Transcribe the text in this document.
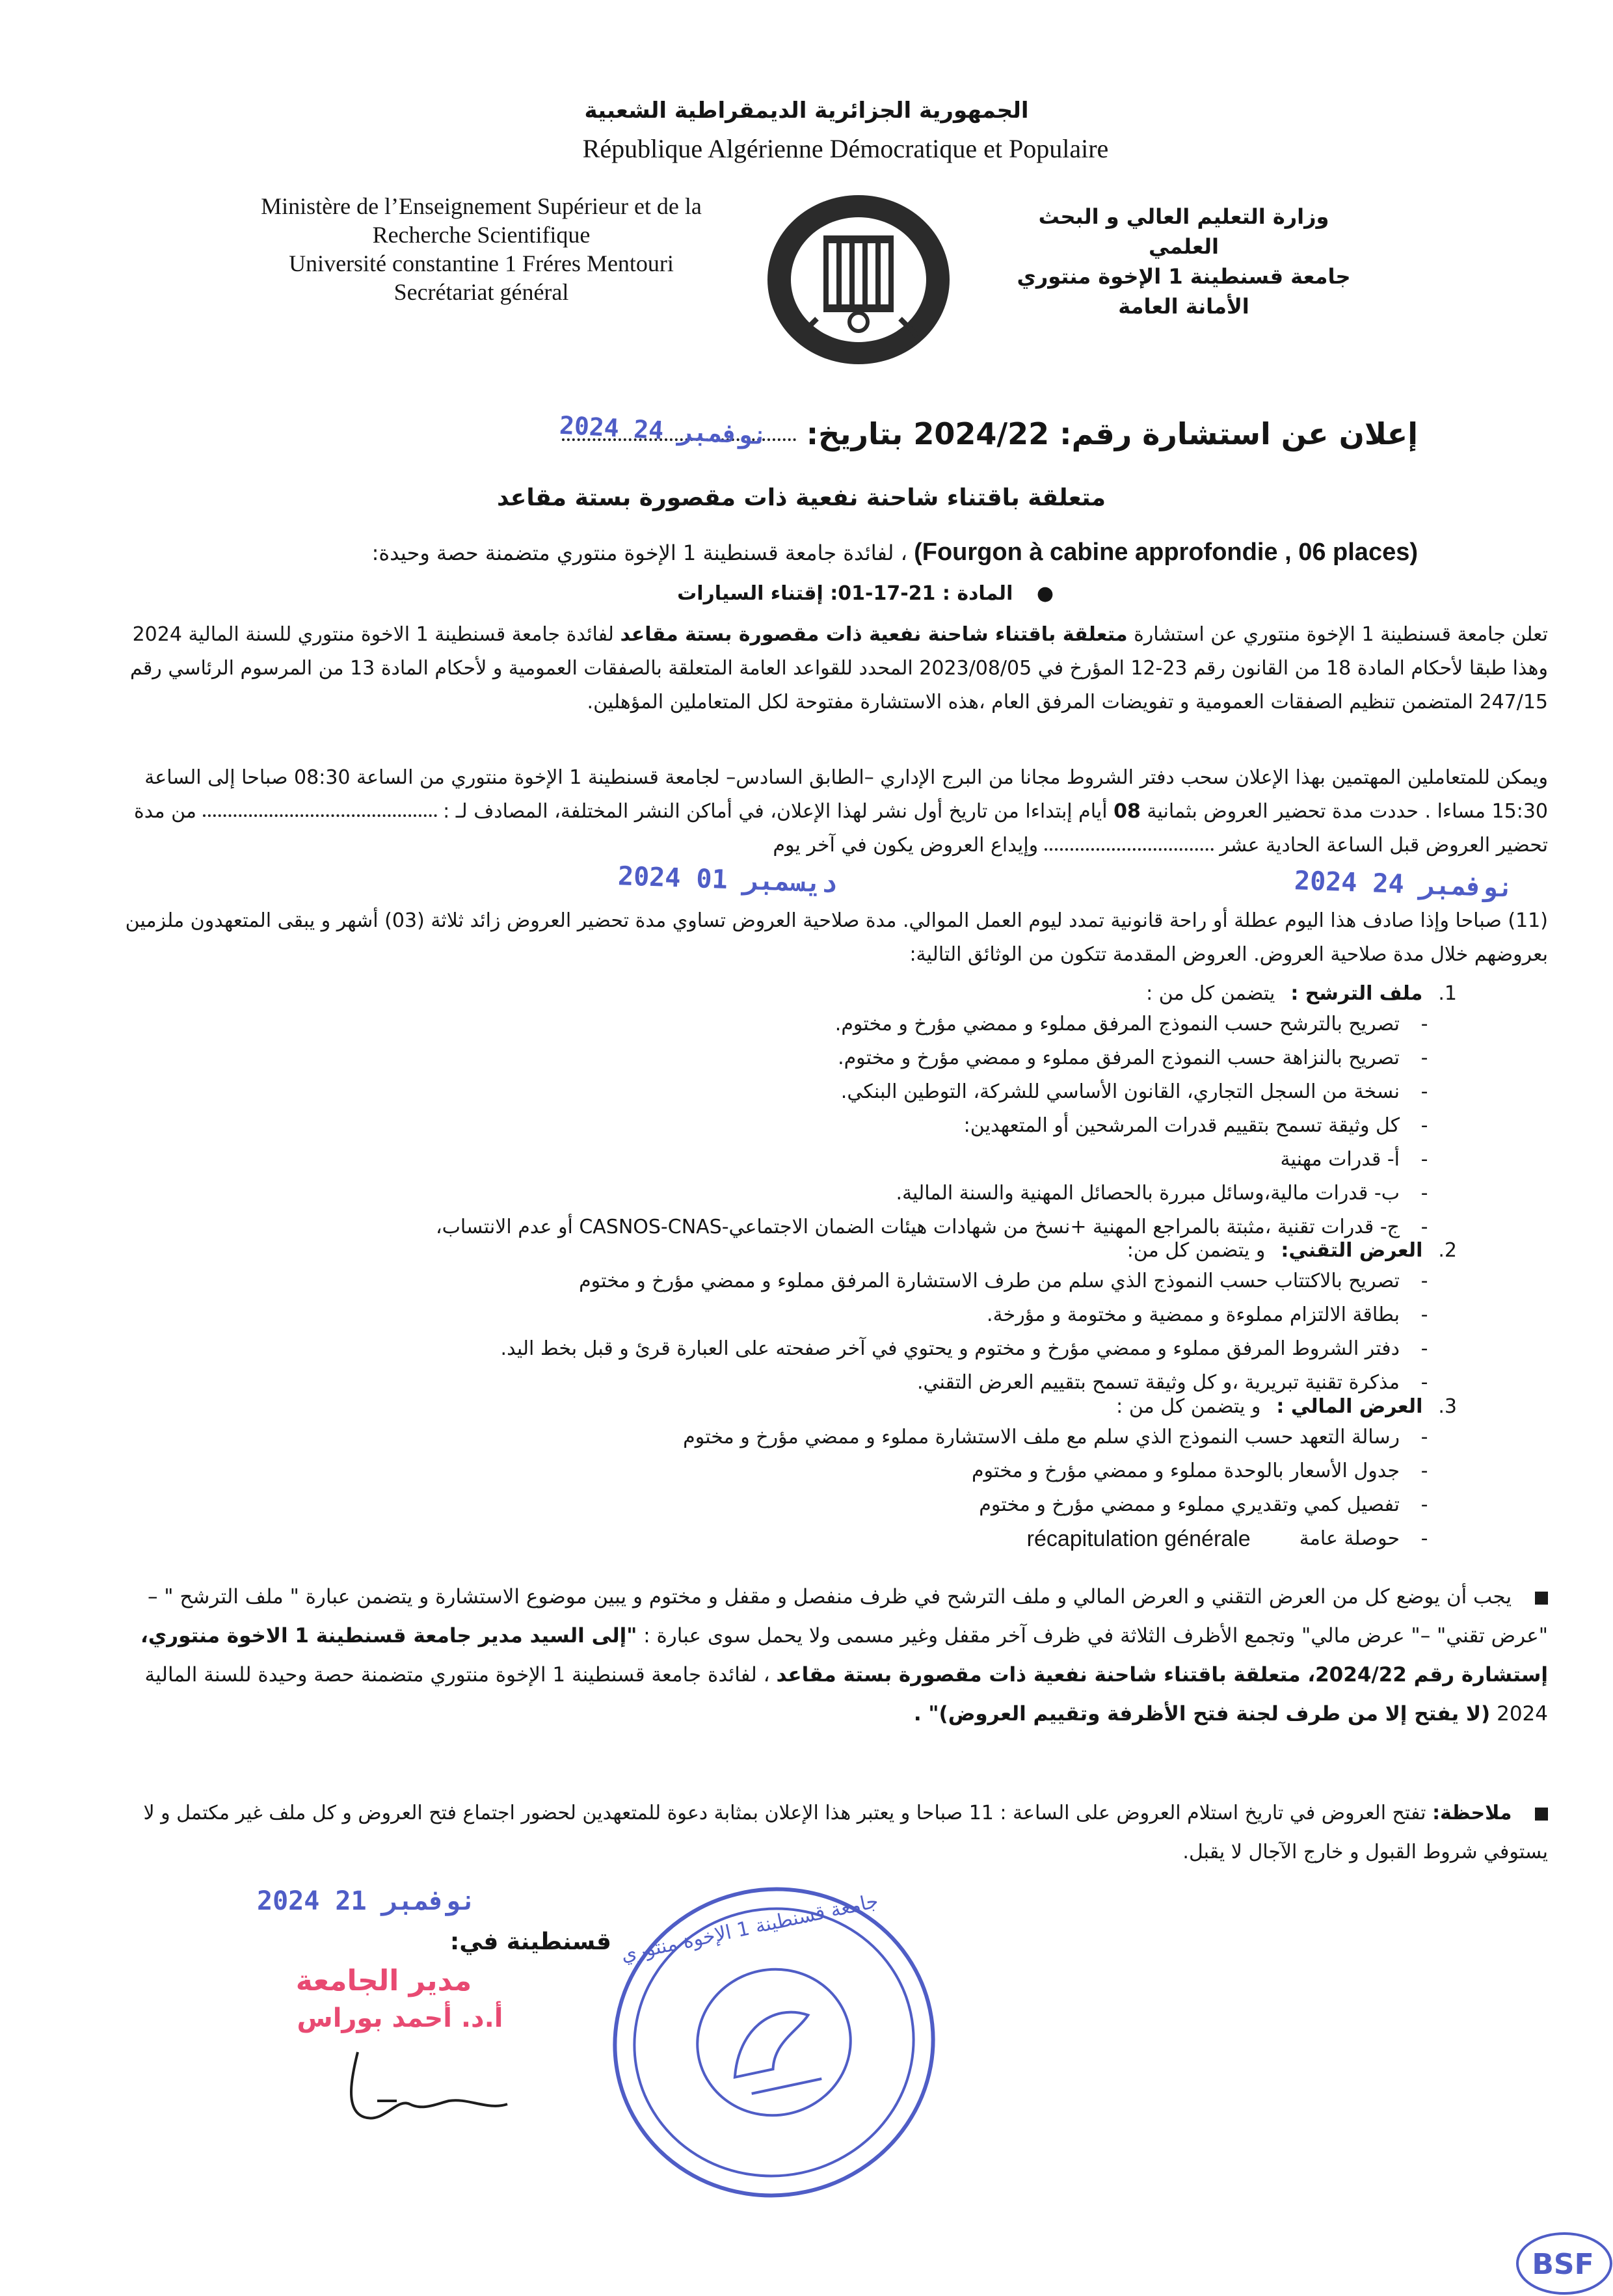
الجمهورية الجزائرية الديمقراطية الشعبية
République Algérienne Démocratique et Populaire
Ministère de l’Enseignement Supérieur et de la
Recherche Scientifique
Université constantine 1 Fréres Mentouri
Secrétariat général
وزارة التعليم العالي و البحث العلمي
جامعة قسنطينة 1 الإخوة منتوري
الأمانة العامة
إعلان عن استشارة رقم: 2024/22 بتاريخ:
2024 نوفمبر 24
متعلقة باقتناء شاحنة نفعية ذات مقصورة بستة مقاعد
(Fourgon à cabine approfondie , 06 places) ، لفائدة جامعة قسنطينة 1 الإخوة منتوري متضمنة حصة وحيدة:
● المادة : 21-17-01: إقتناء السيارات
تعلن جامعة قسنطينة 1 الإخوة منتوري عن استشارة متعلقة باقتناء شاحنة نفعية ذات مقصورة بستة مقاعد لفائدة جامعة قسنطينة 1 الاخوة منتوري للسنة المالية 2024 وهذا طبقا لأحكام المادة 18 من القانون رقم 23-12 المؤرخ في 2023/08/05 المحدد للقواعد العامة المتعلقة بالصفقات العمومية و لأحكام المادة 13 من المرسوم الرئاسي رقم 247/15 المتضمن تنظيم الصفقات العمومية و تفويضات المرفق العام ،هذه الاستشارة مفتوحة لكل المتعاملين المؤهلين.
ويمكن للمتعاملين المهتمين بهذا الإعلان سحب دفتر الشروط مجانا من البرج الإداري –الطابق السادس– لجامعة قسنطينة 1 الإخوة منتوري من الساعة 08:30 صباحا إلى الساعة 15:30 مساءا . حددت مدة تحضير العروض بثمانية 08 أيام إبتداءا من تاريخ أول نشر لهذا الإعلان، في أماكن النشر المختلفة، المصادف لـ :  من مدة تحضير العروض قبل الساعة الحادية عشر  وإيداع العروض يكون في آخر يوم
2024 نوفمبر 24
2024 ديسمبر 01
(11) صباحا وإذا صادف هذا اليوم عطلة أو راحة قانونية تمدد ليوم العمل الموالي. مدة صلاحية العروض تساوي مدة تحضير العروض زائد ثلاثة (03) أشهر و يبقى المتعهدون ملزمين بعروضهم خلال مدة صلاحية العروض. العروض المقدمة تتكون من الوثائق التالية:
1.
ملف الترشح :
يتضمن كل من :
-
تصريح بالترشح حسب النموذج المرفق مملوء و ممضي مؤرخ و مختوم.
-
تصريح بالنزاهة حسب النموذج المرفق مملوء و ممضي مؤرخ و مختوم.
-
نسخة من السجل التجاري، القانون الأساسي للشركة، التوطين البنكي.
-
كل وثيقة تسمح بتقييم قدرات المرشحين أو المتعهدين:
-
أ- قدرات مهنية
-
ب- قدرات مالية،وسائل مبررة بالحصائل المهنية والسنة المالية.
-
ج- قدرات تقنية ،مثبتة بالمراجع المهنية +نسخ من شهادات هيئات الضمان الاجتماعي-CASNOS-CNAS أو عدم الانتساب،
2.
العرض التقني:
و يتضمن كل من:
-
تصريح بالاكتتاب حسب النموذج الذي سلم من طرف الاستشارة المرفق مملوء و ممضي مؤرخ و مختوم
-
بطاقة الالتزام مملوءة و ممضية و مختومة و مؤرخة.
-
دفتر الشروط المرفق مملوء و ممضي مؤرخ و مختوم و يحتوي في آخر صفحته على العبارة قرئ و قبل بخط اليد.
-
مذكرة تقنية تبريرية ،و كل وثيقة تسمح بتقييم العرض التقني.
3.
العرض المالي :
و يتضمن كل من :
-
رسالة التعهد حسب النموذج الذي سلم مع ملف الاستشارة مملوء و ممضي مؤرخ و مختوم
-
جدول الأسعار بالوحدة مملوء و ممضي مؤرخ و مختوم
-
تفصيل كمي وتقديري مملوء و ممضي مؤرخ و مختوم
-
حوصلة عامة

récapitulation générale
يجب أن يوضع كل من العرض التقني و العرض المالي و ملف الترشح في ظرف منفصل و مقفل و مختوم و يبين موضوع الاستشارة و يتضمن عبارة " ملف الترشح " – "عرض تقني" –" عرض مالي" وتجمع الأظرف الثلاثة في ظرف آخر مقفل وغير مسمى ولا يحمل سوى عبارة : "إلى السيد مدير جامعة قسنطينة 1 الاخوة منتوري، إستشارة رقم 2024/22، متعلقة باقتناء شاحنة نفعية ذات مقصورة بستة مقاعد ، لفائدة جامعة قسنطينة 1 الإخوة منتوري متضمنة حصة وحيدة للسنة المالية 2024 (لا يفتح إلا من طرف لجنة فتح الأظرفة وتقييم العروض)" .
ملاحظة: تفتح العروض في تاريخ استلام العروض على الساعة : 11 صباحا و يعتبر هذا الإعلان بمثابة دعوة للمتعهدين لحضور اجتماع فتح العروض و كل ملف غير مكتمل و لا يستوفي شروط القبول و خارج الآجال لا يقبل.
2024 نوفمبر 21
قسنطينة في:
مدير الجامعة
أ.د. أحمد بوراس
جامعة قسنطينة 1 الإخوة منتوري
BSF
